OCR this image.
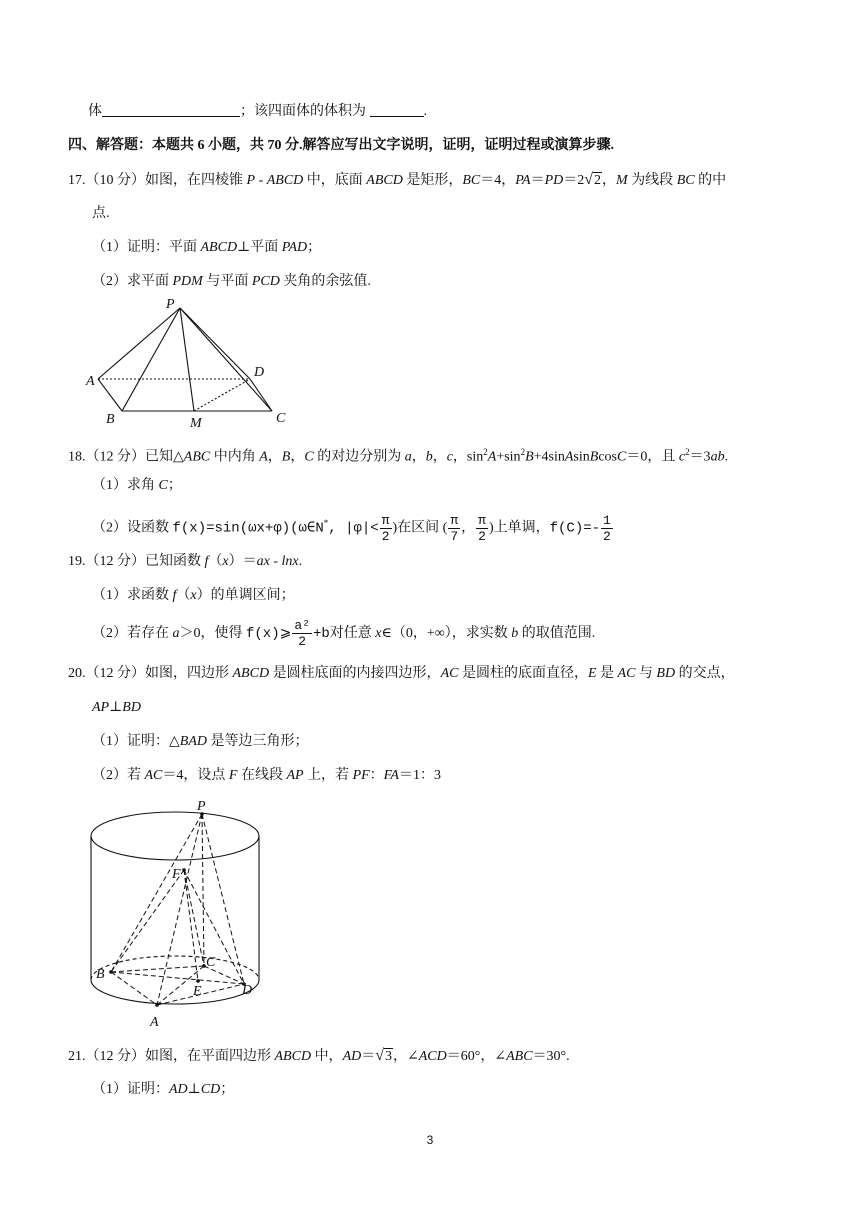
体	；该四面体的体积为	.
四、解答题：本题共 6 小题，共 70 分.解答应写出文字说明，证明，证明过程或演算步骤.
17.（10 分）如图，在四棱锥 P - ABCD 中，底面 ABCD 是矩形，BC＝4，PA＝PD＝2√2，M 为线段 BC 的中
点.
（1）证明：平面 ABCD⊥平面 PAD；
（2）求平面 PDM 与平面 PCD 夹角的余弦值.
P
A
B	M	C
D
18.（12 分）已知△ABC 中内角 A，B，C 的对边分别为 a，b，c，$\sin^2A+\sin^2B+4sinAsinBcosC=0$，且 $c^2=3ab$.
（1）求角 C；
（2）设函数 f(x)=sin(ωx+φ)(ω∈N*, $|\varphi|< \frac{\pi}{2}$ )在区间 ( $\frac{\pi}{7}$ ， $\frac{\pi}{2}$ )上单调，$f(C)=- \frac{1}{2}$
19.（12 分）已知函数 f（x）＝ax - lnx.
（1）求函数 f（x）的单调区间；
（2）若存在 a＞0，使得 f(x)⩾ $\frac{\text{a²}}{2} +b$对任意 x∈（0，+∞），求实数 b 的取值范围.
20.（12 分）如图，四边形 ABCD 是圆柱底面的内接四边形，AC 是圆柱的底面直径，E 是 AC 与 BD 的交点，
AP⊥BD
（1）证明：△BAD 是等边三角形；
（2）若 AC＝4，设点 F 在线段 AP 上，若 PF：FA＝1：3
P
F
B
C
E	D
A
21.（12 分）如图，在平面四边形 ABCD 中，AD＝√3，∠ACD＝60°，∠ABC＝30°.
（1）证明：AD⊥CD；
3
